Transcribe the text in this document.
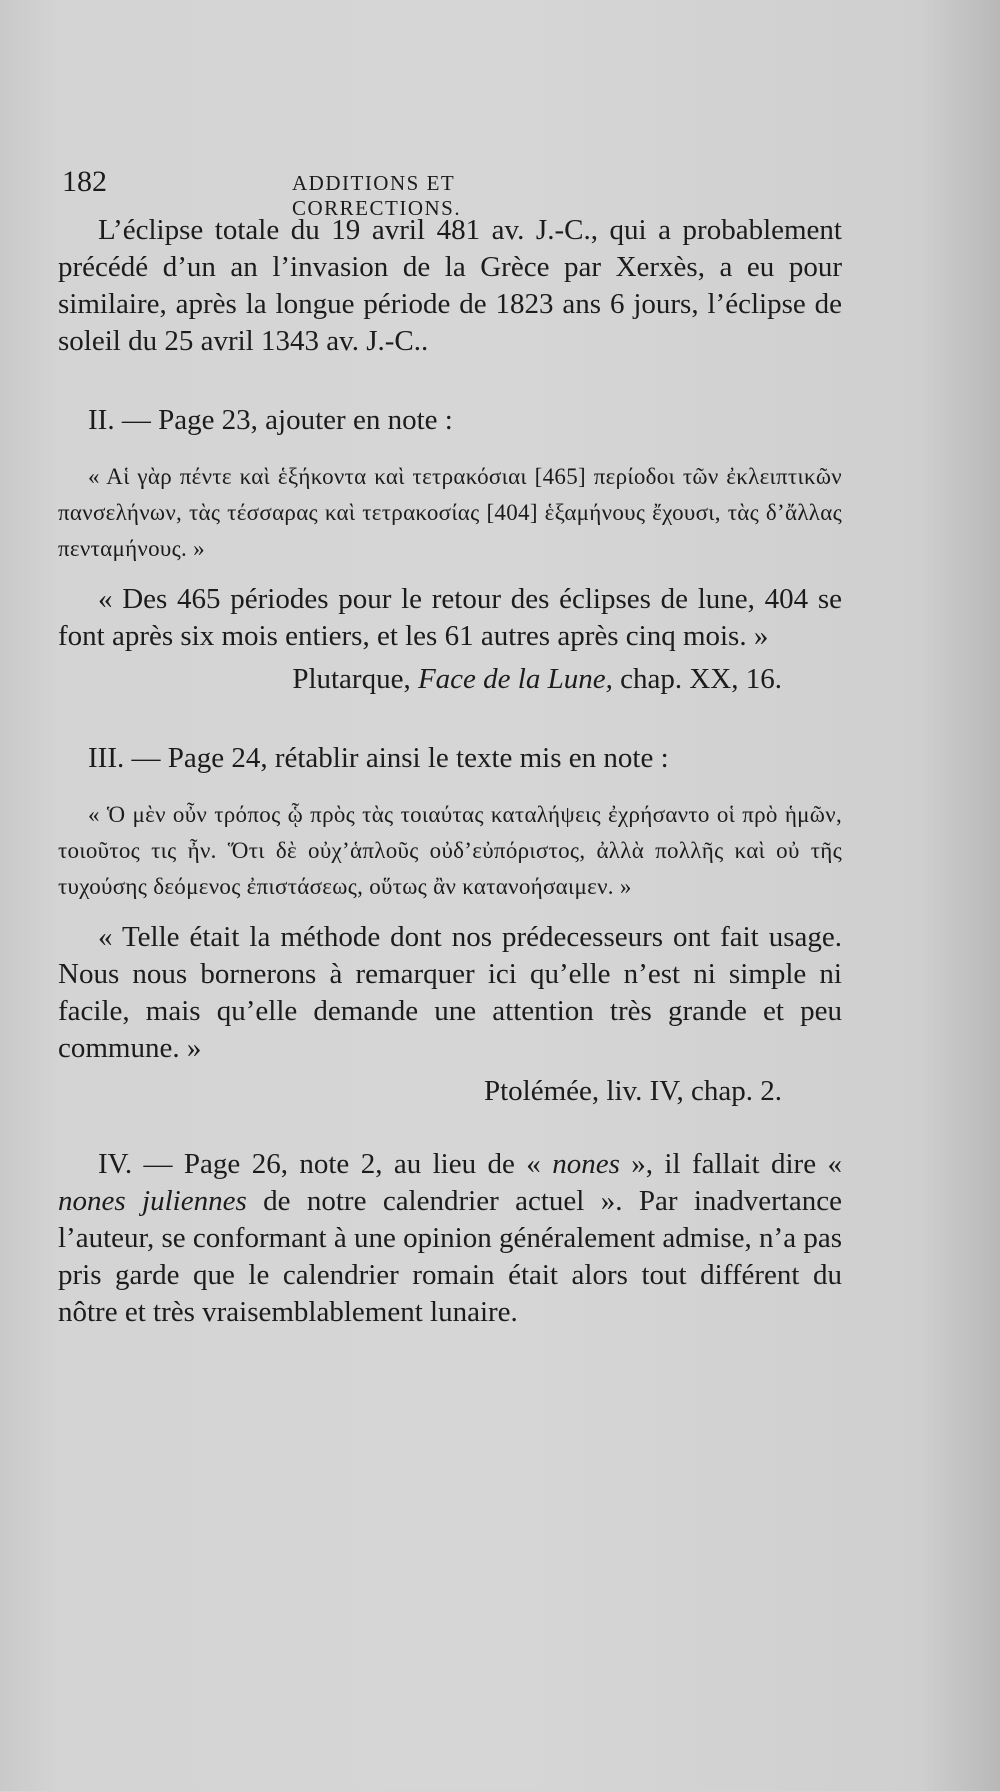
182	ADDITIONS ET CORRECTIONS.

L’éclipse totale du 19 avril 481 av. J.-C., qui a probablement précédé d’un an l’invasion de la Grèce par Xerxès, a eu pour similaire, après la longue période de 1823 ans 6 jours, l’éclipse de soleil du 25 avril 1343 av. J.-C..

II. — Page 23, ajouter en note :

« Αἱ γὰρ πέντε καὶ ἑξήκοντα καὶ τετρακόσιαι [465] περίοδοι τῶν ἐκλειπτικῶν πανσελήνων, τὰς τέσσαρας καὶ τετρακοσίας [404] ἑξαμήνους ἔχουσι, τὰς δ’ἄλλας πενταμήνους. »

« Des 465 périodes pour le retour des éclipses de lune, 404 se font après six mois entiers, et les 61 autres après cinq mois. »

Plutarque, Face de la Lune, chap. XX, 16.

III. — Page 24, rétablir ainsi le texte mis en note :

« Ὁ μὲν οὖν τρόπος ᾧ πρὸς τὰς τοιαύτας καταλήψεις ἐχρήσαντο οἱ πρὸ ἡμῶν, τοιοῦτος τις ἦν. Ὅτι δὲ οὐχ’ἁπλοῦς οὐδ’εὐπόριστος, ἀλλὰ πολλῆς καὶ οὐ τῆς τυχούσης δεόμενος ἐπιστάσεως, οὕτως ἂν κατανοήσαιμεν. »

« Telle était la méthode dont nos prédecesseurs ont fait usage. Nous nous bornerons à remarquer ici qu’elle n’est ni simple ni facile, mais qu’elle demande une attention très grande et peu commune. »

Ptolémée, liv. IV, chap. 2.

IV. — Page 26, note 2, au lieu de « nones », il fallait dire « nones juliennes de notre calendrier actuel ». Par inadvertance l’auteur, se conformant à une opinion généralement admise, n’a pas pris garde que le calendrier romain était alors tout différent du nôtre et très vraisemblablement lunaire.
